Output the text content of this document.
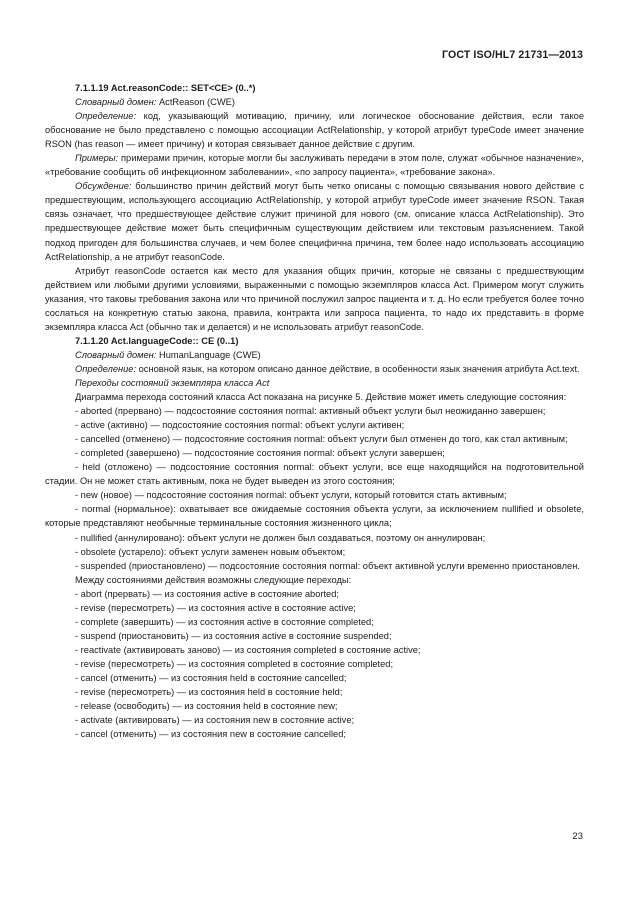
ГОСТ ISO/HL7 21731—2013

7.1.1.19 Act.reasonCode:: SET<CE> (0..*)

Словарный домен: ActReason (CWE)

Определение: код, указывающий мотивацию, причину, или логическое обоснование действия, если такое обоснование не было представлено с помощью ассоциации ActRelationship, у которой атрибут typeCode имеет значение RSON (has reason — имеет причину) и которая связывает данное действие с другим.

Примеры: примерами причин, которые могли бы заслуживать передачи в этом поле, служат «обычное назначение», «требование сообщить об инфекционном заболевании», «по запросу пациента», «требование закона».

Обсуждение: большинство причин действий могут быть четко описаны с помощью связывания нового действие с предшествующим, использующего ассоциацию ActRelationship, у которой атрибут typeCode имеет значение RSON. Такая связь означает, что предшествующее действие служит причиной для нового (см. описание класса ActRelationship). Это предшествующее действие может быть специфичным существующим действием или текстовым разъяснением. Такой подход пригоден для большинства случаев, и чем более специфична причина, тем более надо использовать ассоциацию ActRelationship, а не атрибут reasonCode.

Атрибут reasonCode остается как место для указания общих причин, которые не связаны с предшествующим действием или любыми другими условиями, выраженными с помощью экземпляров класса Act. Примером могут служить указания, что таковы требования закона или что причиной послужил запрос пациента и т. д. Но если требуется более точно сослаться на конкретную статью закона, правила, контракта или запроса пациента, то надо их представить в форме экземпляра класса Act (обычно так и делается) и не использовать атрибут reasonCode.

7.1.1.20 Act.languageCode:: CE (0..1)

Словарный домен: HumanLanguage (CWE)

Определение: основной язык, на котором описано данное действие, в особенности язык значения атрибута Act.text.

Переходы состояний экземпляра класса Act

Диаграмма перехода состояний класса Act показана на рисунке 5. Действие может иметь следующие состояния:

- aborted (прервано) — подсостояние состояния normal: активный объект услуги был неожиданно завершен;

- active (активно) — подсостояние состояния normal: объект услуги активен;

- cancelled (отменено) — подсостояние состояния normal: объект услуги был отменен до того, как стал активным;

- completed (завершено) — подсостояние состояния normal: объект услуги завершен;

- held (отложено) — подсостояние состояния normal: объект услуги, все еще находящийся на подготовительной стадии. Он не может стать активным, пока не будет выведен из этого состояния;

- new (новое) — подсостояние состояния normal: объект услуги, который готовится стать активным;

- normal (нормальное): охватывает все ожидаемые состояния объекта услуги, за исключением nullified и obsolete, которые представляют необычные терминальные состояния жизненного цикла;

- nullified (аннулировано): объект услуги не должен был создаваться, поэтому он аннулирован;

- obsolete (устарело): объект услуги заменен новым объектом;

- suspended (приостановлено) — подсостояние состояния normal: объект активной услуги временно приостановлен.

Между состояниями действия возможны следующие переходы:

- abort (прервать) — из состояния active в состояние aborted;

- revise (пересмотреть) — из состояния active в состояние active;

- complete (завершить) — из состояния active в состояние completed;

- suspend (приостановить) — из состояния active в состояние suspended;

- reactivate (активировать заново) — из состояния completed в состояние active;

- revise (пересмотреть) — из состояния completed в состояние completed;

- cancel (отменить) — из состояния held в состояние cancelled;

- revise (пересмотреть) — из состояния held в состояние held;

- release (освободить) — из состояния held в состояние new;

- activate (активировать) — из состояния new в состояние active;

- cancel (отменить) — из состояния new в состояние cancelled;

23
